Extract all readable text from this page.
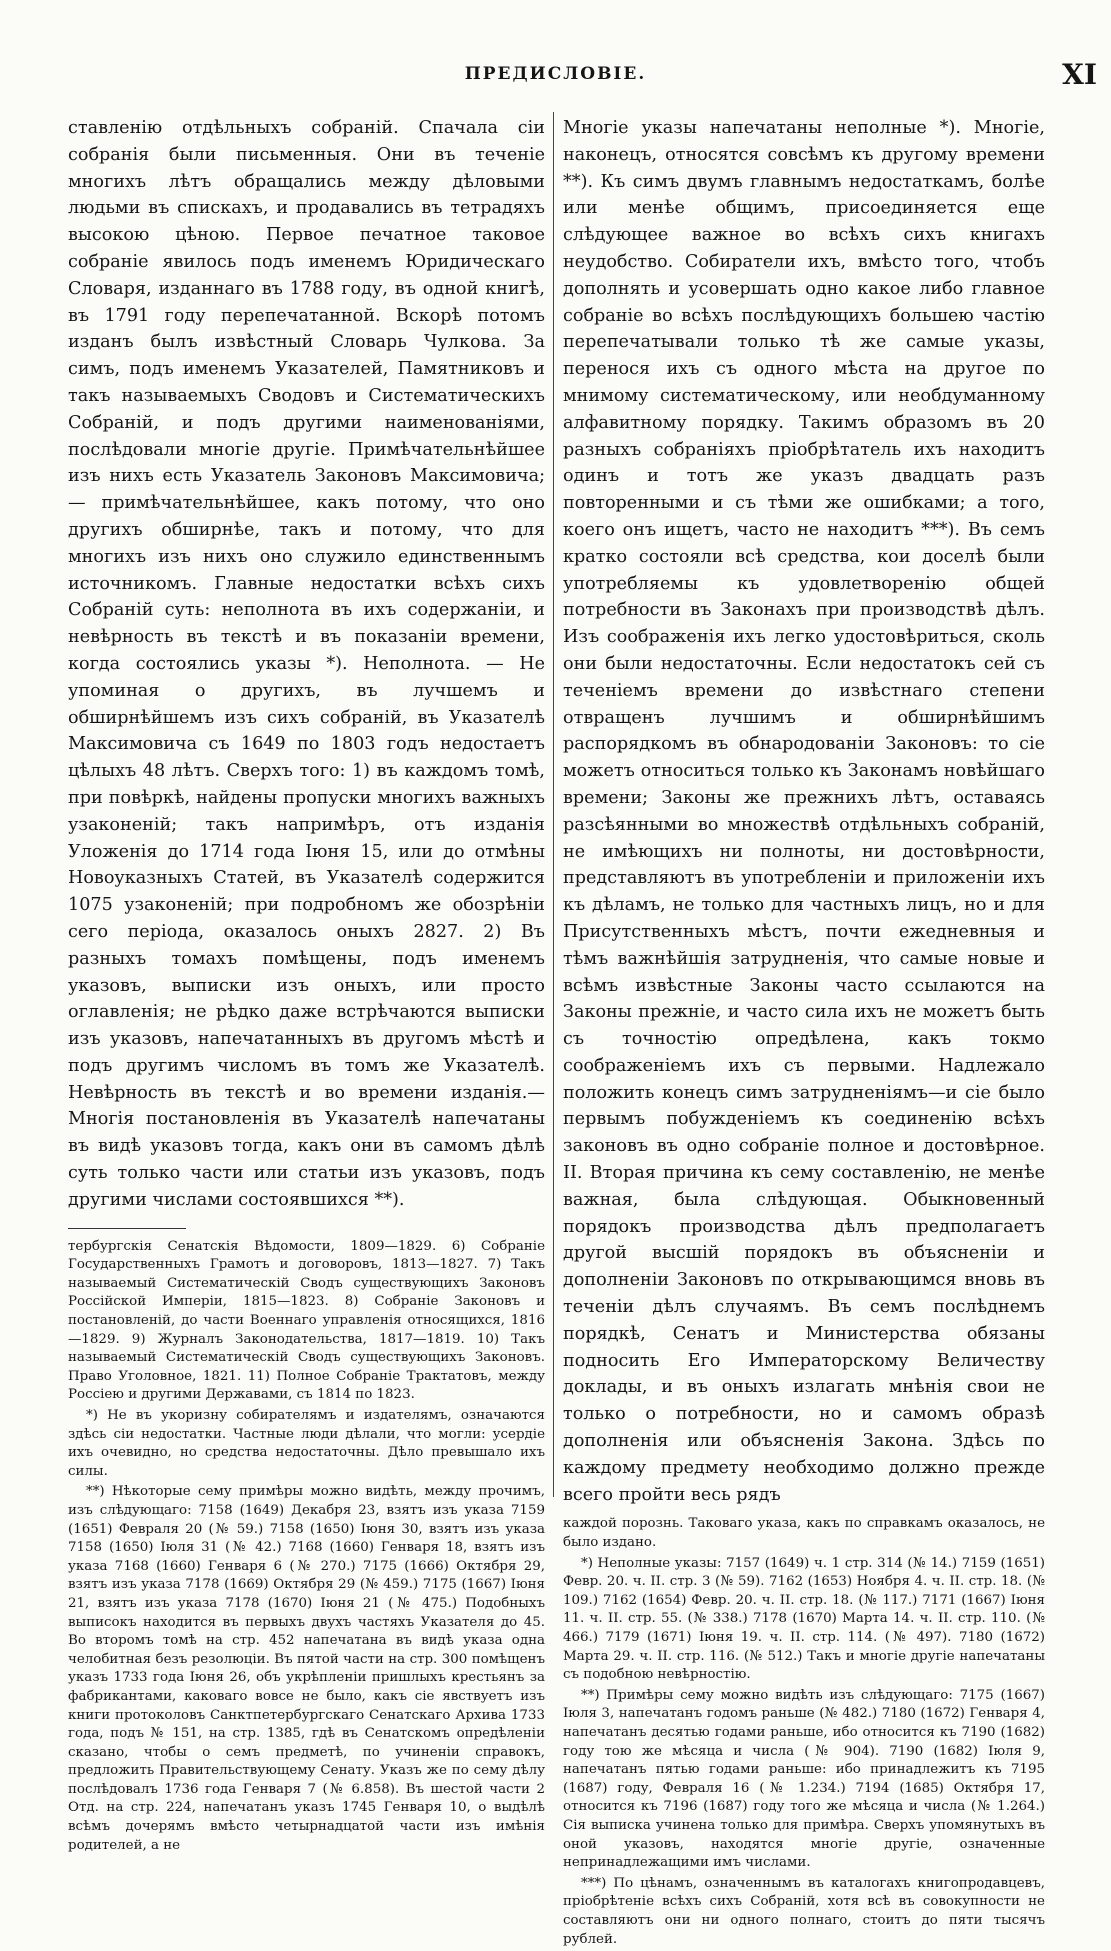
ПРЕДИСЛОВІЕ.	XI

ставленію отдѣльныхъ собраній. Спачала сіи собранія были письменныя. Они въ теченіе многихъ лѣтъ обращались между дѣловыми людьми въ спискахъ, и продавались въ тетрадяхъ высокою цѣною. Первое печатное таковое собраніе явилось подъ именемъ Юридическаго Словаря, изданнаго въ 1788 году, въ одной книгѣ, въ 1791 году перепечатанной. Вскорѣ потомъ изданъ былъ извѣстный Словарь Чулкова. За симъ, подъ именемъ Указателей, Памятниковъ и такъ называемыхъ Сводовъ и Систематическихъ Собраній, и подъ другими наименованіями, послѣдовали многіе другіе. Примѣчательнѣйшее изъ нихъ есть Указатель Законовъ Максимовича; — примѣчательнѣйшее, какъ потому, что оно другихъ обширнѣе, такъ и потому, что для многихъ изъ нихъ оно служило единственнымъ источникомъ. Главные недостатки всѣхъ сихъ Собраній суть: неполнота въ ихъ содержаніи, и невѣрность въ текстѣ и въ показаніи времени, когда состоялись указы *). Неполнота. — Не упоминая о другихъ, въ лучшемъ и обширнѣйшемъ изъ сихъ собраній, въ Указателѣ Максимовича съ 1649 по 1803 годъ недостаетъ цѣлыхъ 48 лѣтъ. Сверхъ того: 1) въ каждомъ томѣ, при повѣркѣ, найдены пропуски многихъ важныхъ узаконеній; такъ напримѣръ, отъ изданія Уложенія до 1714 года Іюня 15, или до отмѣны Новоуказныхъ Статей, въ Указателѣ содержится 1075 узаконеній; при подробномъ же обозрѣніи сего періода, оказалось оныхъ 2827. 2) Въ разныхъ томахъ помѣщены, подъ именемъ указовъ, выписки изъ оныхъ, или просто оглавленія; не рѣдко даже встрѣчаются выписки изъ указовъ, напечатанныхъ въ другомъ мѣстѣ и подъ другимъ числомъ въ томъ же Указателѣ. Невѣрность въ текстѣ и во времени изданія.—Многія постановленія въ Указателѣ напечатаны въ видѣ указовъ тогда, какъ они въ самомъ дѣлѣ суть только части или статьи изъ указовъ, подъ другими числами состоявшихся **).

тербургскія Сенатскія Вѣдомости, 1809—1829. 6) Собраніе Государственныхъ Грамотъ и договоровъ, 1813—1827. 7) Такъ называемый Систематическій Сводъ существующихъ Законовъ Россійской Имперіи, 1815—1823. 8) Собраніе Законовъ и постановленій, до части Военнаго управленія относящихся, 1816—1829. 9) Журналъ Законодательства, 1817—1819. 10) Такъ называемый Систематическій Сводъ существующихъ Законовъ. Право Уголовное, 1821. 11) Полное Собраніе Трактатовъ, между Россіею и другими Державами, съ 1814 по 1823.

*) Не въ укоризну собирателямъ и издателямъ, означаются здѣсь сіи недостатки. Частные люди дѣлали, что могли: усердіе ихъ очевидно, но средства недостаточны. Дѣло превышало ихъ силы.

**) Нѣкоторые сему примѣры можно видѣть, между прочимъ, изъ слѣдующаго: 7158 (1649) Декабря 23, взятъ изъ указа 7159 (1651) Февраля 20 (№ 59.) 7158 (1650) Іюня 30, взятъ изъ указа 7158 (1650) Іюля 31 (№ 42.) 7168 (1660) Генваря 18, взятъ изъ указа 7168 (1660) Генваря 6 (№ 270.) 7175 (1666) Октября 29, взятъ изъ указа 7178 (1669) Октября 29 (№ 459.) 7175 (1667) Іюня 21, взятъ изъ указа 7178 (1670) Іюня 21 (№ 475.) Подобныхъ выписокъ находится въ первыхъ двухъ частяхъ Указателя до 45. Во второмъ томѣ на стр. 452 напечатана въ видѣ указа одна челобитная безъ резолюціи. Въ пятой части на стр. 300 помѣщенъ указъ 1733 года Іюня 26, объ укрѣпленіи пришлыхъ крестьянъ за фабрикантами, каковаго вовсе не было, какъ сіе явствуетъ изъ книги протоколовъ Санктпетербургскаго Сенатскаго Архива 1733 года, подъ № 151, на стр. 1385, гдѣ въ Сенатскомъ опредѣленіи сказано, чтобы о семъ предметѣ, по учиненіи справокъ, предложить Правительствующему Сенату. Указъ же по сему дѣлу послѣдовалъ 1736 года Генваря 7 (№ 6.858). Въ шестой части 2 Отд. на стр. 224, напечатанъ указъ 1745 Генваря 10, о выдѣлѣ всѣмъ дочерямъ вмѣсто четырнадцатой части изъ имѣнія родителей, а не

Многіе указы напечатаны неполные *). Многіе, наконецъ, относятся совсѣмъ къ другому времени **). Къ симъ двумъ главнымъ недостаткамъ, болѣе или менѣе общимъ, присоединяется еще слѣдующее важное во всѣхъ сихъ книгахъ неудобство. Собиратели ихъ, вмѣсто того, чтобъ дополнять и усовершать одно какое либо главное собраніе во всѣхъ послѣдующихъ большею частію перепечатывали только тѣ же самые указы, перенося ихъ съ одного мѣста на другое по мнимому систематическому, или необдуманному алфавитному порядку. Такимъ образомъ въ 20 разныхъ собраніяхъ пріобрѣтатель ихъ находитъ одинъ и тотъ же указъ двадцать разъ повторенными и съ тѣми же ошибками; а того, коего онъ ищетъ, часто не находитъ ***). Въ семъ кратко состояли всѣ средства, кои доселѣ были употребляемы къ удовлетворенію общей потребности въ Законахъ при производствѣ дѣлъ. Изъ соображенія ихъ легко удостовѣриться, сколь они были недостаточны. Если недостатокъ сей съ теченіемъ времени до извѣстнаго степени отвращенъ лучшимъ и обширнѣйшимъ распорядкомъ въ обнародованіи Законовъ: то сіе можетъ относиться только къ Законамъ новѣйшаго времени; Законы же прежнихъ лѣтъ, оставаясь разсѣянными во множествѣ отдѣльныхъ собраній, не имѣющихъ ни полноты, ни достовѣрности, представляютъ въ употребленіи и приложеніи ихъ къ дѣламъ, не только для частныхъ лицъ, но и для Присутственныхъ мѣстъ, почти ежедневныя и тѣмъ важнѣйшія затрудненія, что самые новые и всѣмъ извѣстные Законы часто ссылаются на Законы прежніе, и часто сила ихъ не можетъ быть съ точностію опредѣлена, какъ токмо соображеніемъ ихъ съ первыми. Надлежало положить конецъ симъ затрудненіямъ—и сіе было первымъ побужденіемъ къ соединенію всѣхъ законовъ въ одно собраніе полное и достовѣрное. II. Вторая причина къ сему составленію, не менѣе важная, была слѣдующая. Обыкновенный порядокъ производства дѣлъ предполагаетъ другой высшій порядокъ въ объясненіи и дополненіи Законовъ по открывающимся вновь въ теченіи дѣлъ случаямъ. Въ семъ послѣднемъ порядкѣ, Сенатъ и Министерства обязаны подносить Его Императорскому Величеству доклады, и въ оныхъ излагать мнѣнія свои не только о потребности, но и самомъ образѣ дополненія или объясненія Закона. Здѣсь по каждому предмету необходимо должно прежде всего пройти весь рядъ

каждой порознь. Таковаго указа, какъ по справкамъ оказалось, не было издано.

*) Неполные указы: 7157 (1649) ч. 1 стр. 314 (№ 14.) 7159 (1651) Февр. 20. ч. II. стр. 3 (№ 59). 7162 (1653) Ноября 4. ч. II. стр. 18. (№ 109.) 7162 (1654) Февр. 20. ч. II. стр. 18. (№ 117.) 7171 (1667) Іюня 11. ч. II. стр. 55. (№ 338.) 7178 (1670) Марта 14. ч. II. стр. 110. (№ 466.) 7179 (1671) Іюня 19. ч. II. стр. 114. (№ 497). 7180 (1672) Марта 29. ч. II. стр. 116. (№ 512.) Такъ и многіе другіе напечатаны съ подобною невѣрностію.

**) Примѣры сему можно видѣть изъ слѣдующаго: 7175 (1667) Іюля 3, напечатанъ годомъ раньше (№ 482.) 7180 (1672) Генваря 4, напечатанъ десятью годами раньше, ибо относится къ 7190 (1682) году тою же мѣсяца и числа (№ 904). 7190 (1682) Іюля 9, напечатанъ пятью годами раньше: ибо принадлежитъ къ 7195 (1687) году, Февраля 16 (№ 1.234.) 7194 (1685) Октября 17, относится къ 7196 (1687) году того же мѣсяца и числа (№ 1.264.) Сія выписка учинена только для примѣра. Сверхъ упомянутыхъ въ оной указовъ, находятся многіе другіе, означенные непринадлежащими имъ числами.

***) По цѣнамъ, означеннымъ въ каталогахъ книгопродавцевъ, пріобрѣтеніе всѣхъ сихъ Собраній, хотя всѣ въ совокупности не составляютъ они ни одного полнаго, стоитъ до пяти тысячъ рублей.
